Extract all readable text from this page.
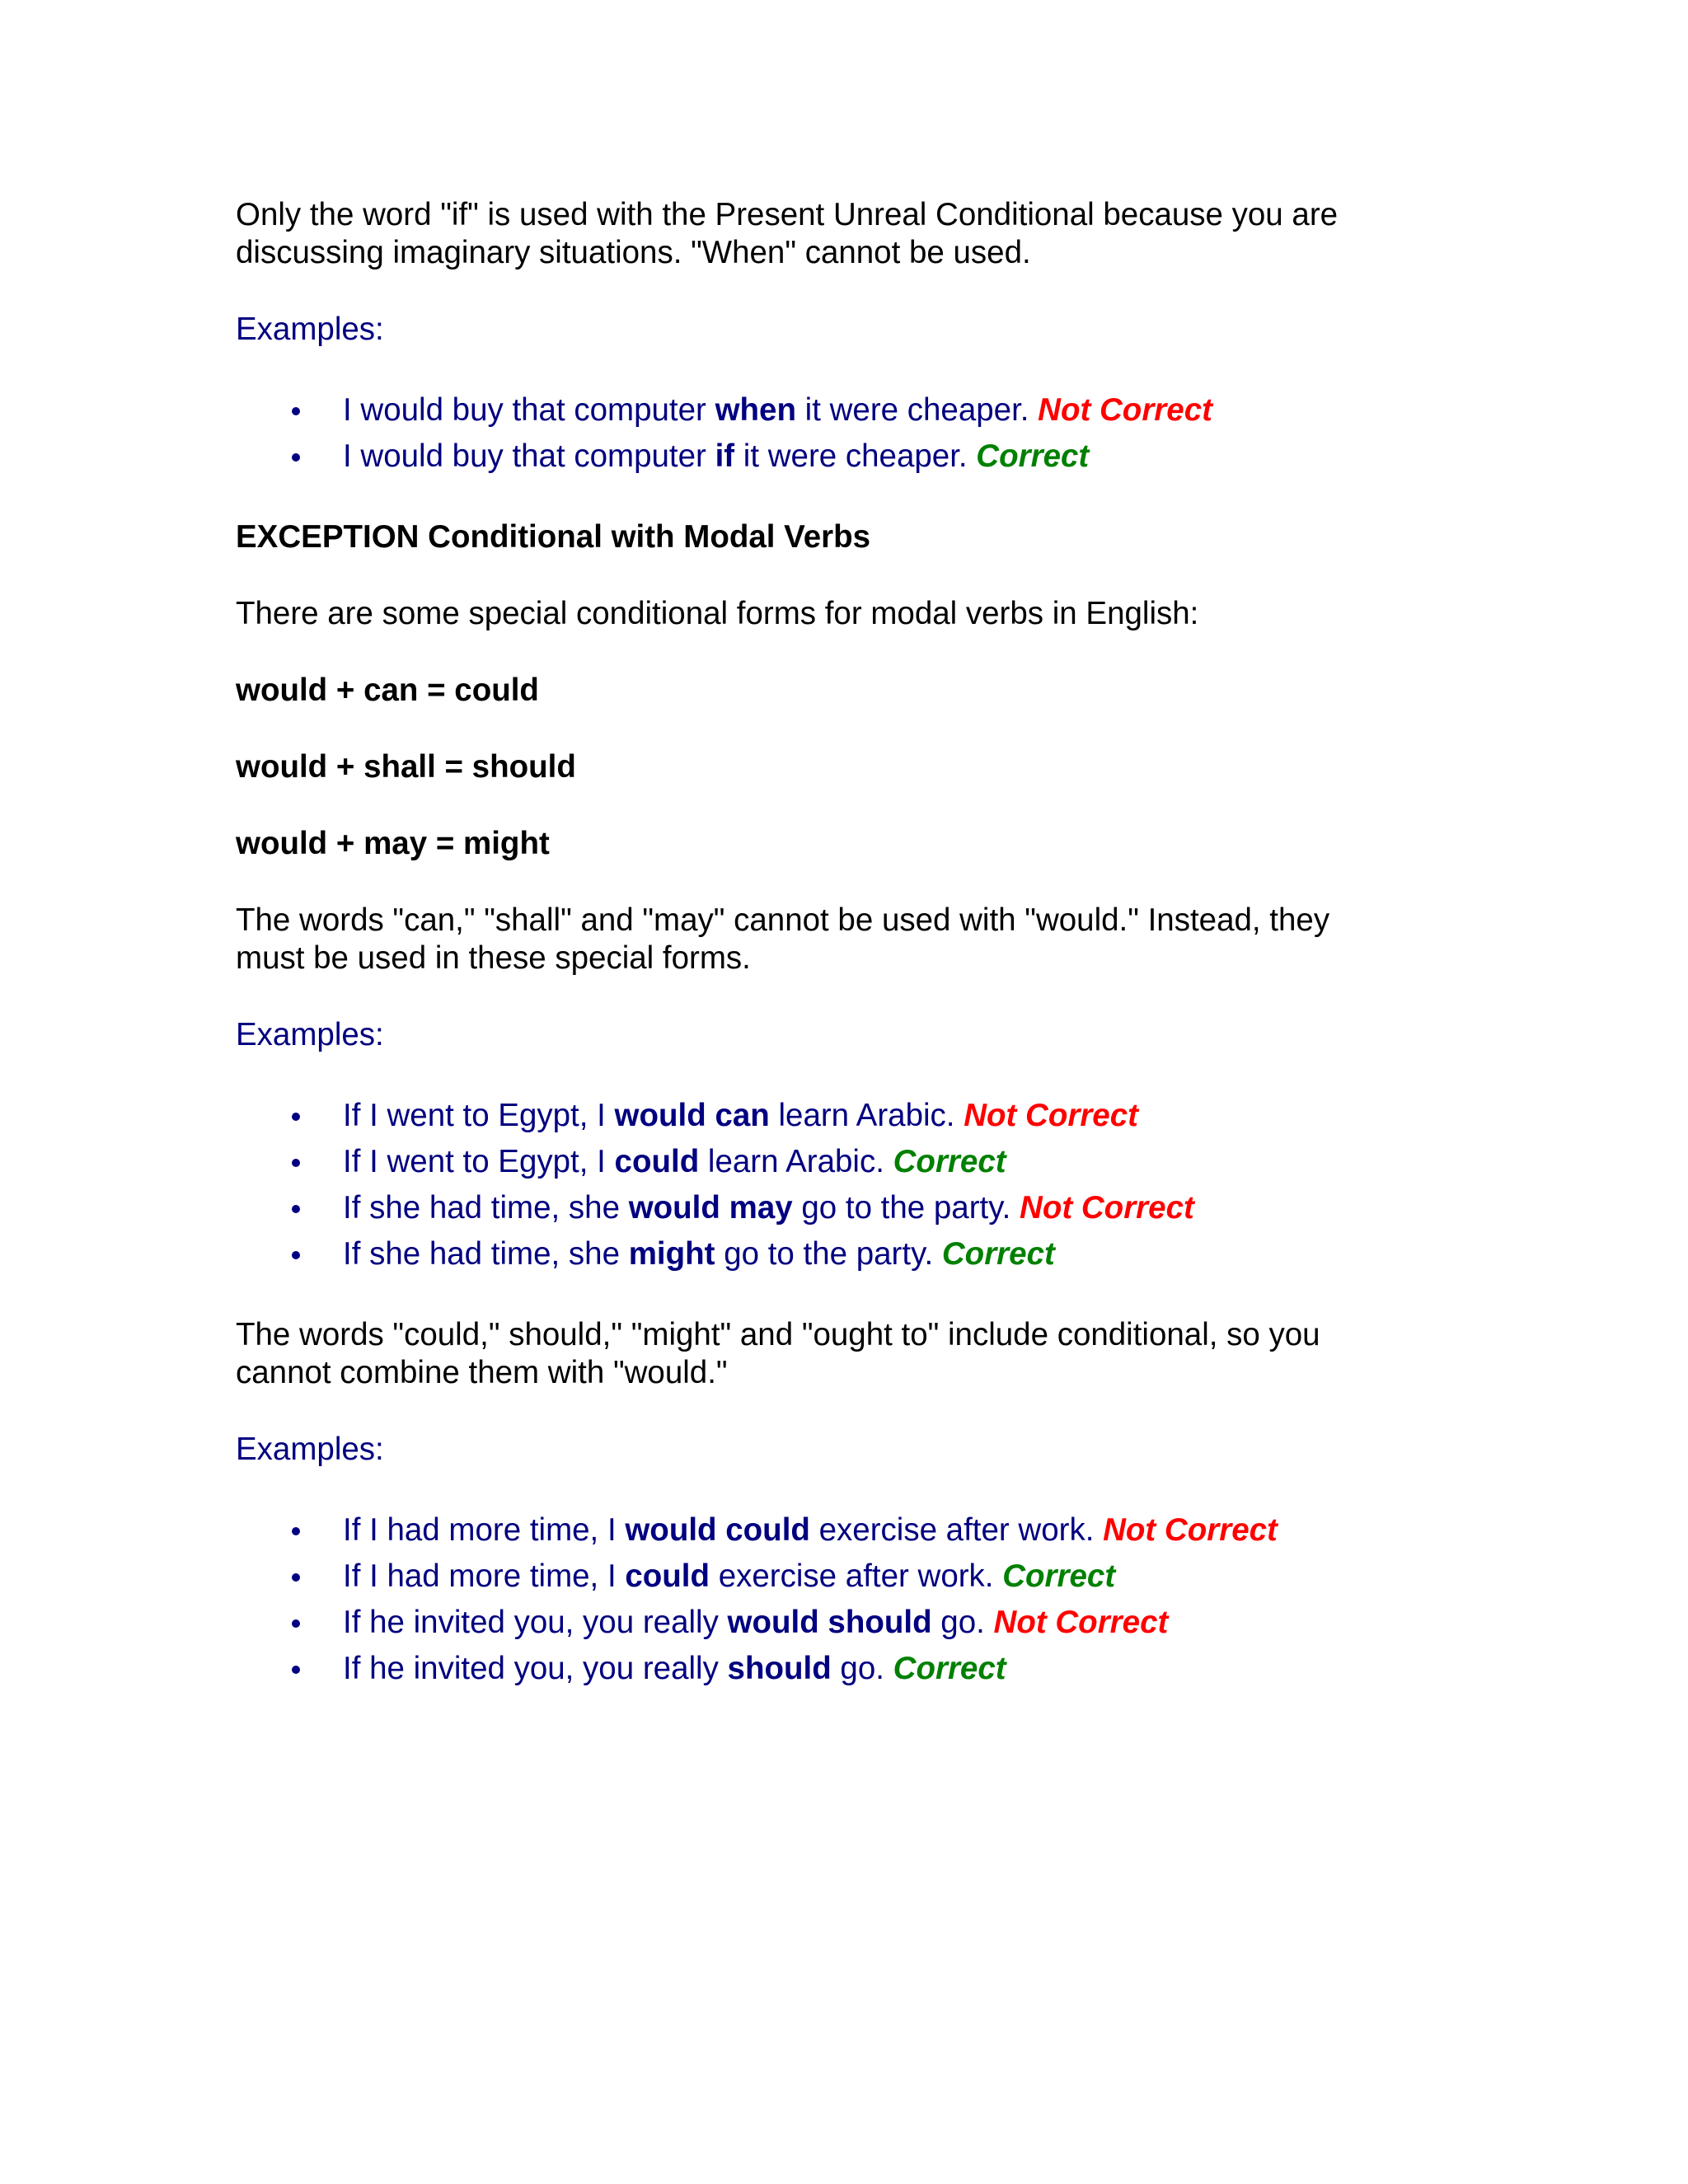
Only the word "if" is used with the Present Unreal Conditional because you are
discussing imaginary situations. "When" cannot be used.

Examples:

I would buy that computer when it were cheaper. Not Correct
I would buy that computer if it were cheaper. Correct

EXCEPTION Conditional with Modal Verbs

There are some special conditional forms for modal verbs in English:

would + can = could

would + shall = should

would + may = might

The words "can," "shall" and "may" cannot be used with "would." Instead, they
must be used in these special forms.

Examples:

If I went to Egypt, I would can learn Arabic. Not Correct
If I went to Egypt, I could learn Arabic. Correct
If she had time, she would may go to the party. Not Correct
If she had time, she might go to the party. Correct

The words "could," should," "might" and "ought to" include conditional, so you
cannot combine them with "would."

Examples:

If I had more time, I would could exercise after work. Not Correct
If I had more time, I could exercise after work. Correct
If he invited you, you really would should go. Not Correct
If he invited you, you really should go. Correct
